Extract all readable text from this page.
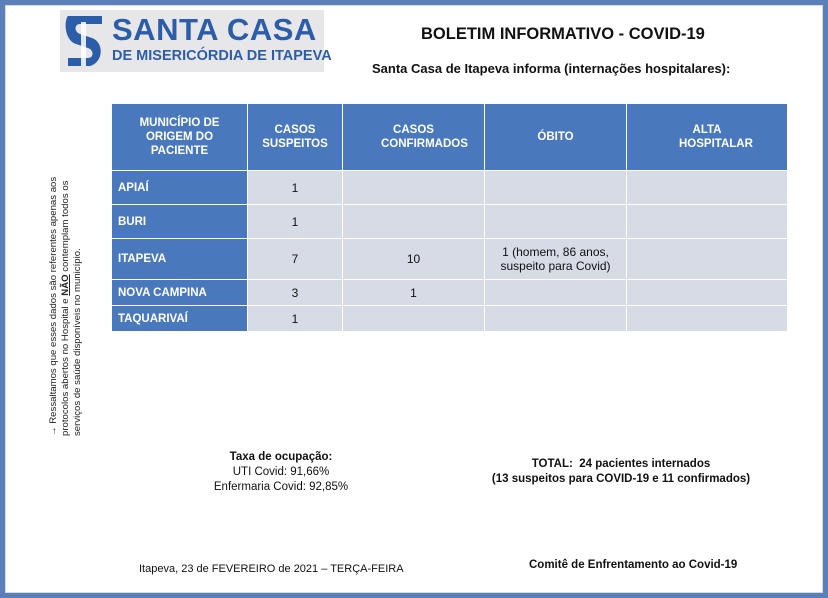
SANTA CASA
DE MISERICÓRDIA DE ITAPEVA
BOLETIM INFORMATIVO - COVID-19
Santa Casa de Itapeva informa (internações hospitalares):
→ Ressaltamos que esses dados são referentes apenas aos protocolos abertos no Hospital e NÃO contemplam todos os serviços de saúde disponíveis no município.
MUNICÍPIO DE ORIGEM DO PACIENTE	CASOS SUSPEITOS	CASOS CONFIRMADOS	ÓBITO	ALTA HOSPITALAR
APIAÍ	1			
BURI	1			
ITAPEVA	7	10	1 (homem, 86 anos, suspeito para Covid)	
NOVA CAMPINA	3	1		
TAQUARIVAÍ	1			
Taxa de ocupação:
UTI Covid: 91,66%
Enfermaria Covid: 92,85%
TOTAL:  24 pacientes internados
(13 suspeitos para COVID-19 e 11 confirmados)
Itapeva, 23 de FEVEREIRO de 2021 – TERÇA-FEIRA	Comitê de Enfrentamento ao Covid-19
